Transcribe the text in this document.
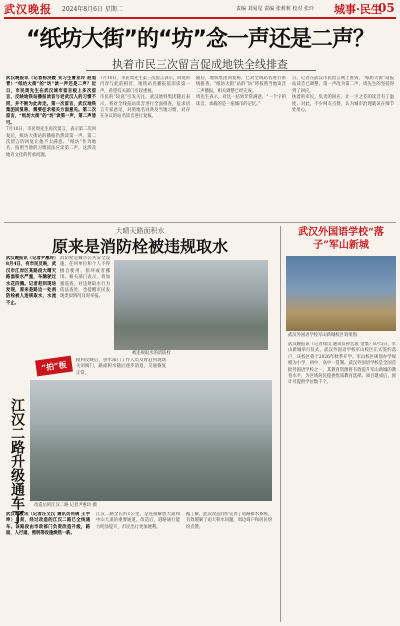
武汉晚报 2024年8月6日 星期二	责编 刘易星 责编 张莉莉 校对 张玲 城事·民生
05
“纸坊大街”的“坊”念一声还是二声？
执着市民三次留言促成地铁全线排查

武汉晚报讯（记者杨洪媛 实习生曹亚玲 赵旭青）“纸坊大街”的“坊”读一声还是二声？近日，市民周先生在武汉城市留言板上多次留言，反映地铁站播报读音与老武汉人的习惯不同，并不断为此奔走。第一次留言，武汉地铁集团回复称，需要征求相关方面意见。第二次留言，“纸坊大街”的“坊”读第一声，第二声皆可。

7月10日，市民周先生再次留言，表示第二次回复后，纸坊大街站的播报仍然读第一声。第二次留言的回复让他不太满意。“纸坊”作为地名，按照当地的习惯读法应读第二声，这涉及地名文化的传承问题。

7月10日，市民周先生第三次留言表示，回复的内容与此前相近，地铁站名播报依旧读第一声，希望有关部门引起重视。

市民的“较真”引发关注。武汉地铁集团随后表示，将对全线报站读音进行全面排查，征求语言专家意见，对照地名词典及当地习惯，对存在争议的站名读音进行复核。

随后，地铁集团回复称，已对全线站名进行系统排查，“纸坊大街”站的“坊”将按照当地读音二声播报，相关调整已经完成。

周先生表示，对这一结果非常满意，“一个字的读音，承载的是一座城市的记忆。”

日，记者在武汉市民留言网上看到，“纸坊大街”站报站读音已调整，第一声改为第二声，周先生的坚持得到了回应。

执着的市民，负责的回应，让一字之差的读音有了温度。对此，不少网友点赞，认为城市治理就该在细节处用心。

大晴天路面积水
原来是消防栓被违规取水

武汉晚报讯（记者尹惠玲）8月4日，有市民反映，武汉市江岸区某路段大晴天路面积水严重，车辆驶过水花四溅。记者赶到现场发现，原来是路边一处消防栓被人违规取水，水流不止。

消防栓是城市公共安全设施，任何单位和个人不得擅自使用、损坏或者挪用。相关部门表示，将加强巡查，对违规取水行为依法查处，也提醒市民发现类似情况及时举报。

被违规取水的消防栓

接到反映后，供水部门工作人员及时赶到现场关闭阀门，路面积水随后逐步消退，交通恢复正常。

“拍”板
江汉二路升级通车了 改造后的江汉二路 记者尹惠玲 摄

武汉晚报讯（记者汪文汉 通讯员何倩 王宇坤）日前，经过改造的江汉二路已全线通车。该路段由市政部门负责改造升级，路面、人行道、照明等设施焕然一新。

江汉二路全长约1公里，是连接解放大道和中山大道的重要通道。改造后，道路通行能力明显提升，市民出行更加便利。

据了解，此次改造同步完善了道路排水系统，有效缓解了雨天积水问题，周边商户和居民纷纷点赞。

武汉外国语学校“落子”军山新城
武汉外国语学校军山新城校区效果图

武汉晚报讯（记者徐汉 通讯员孙宏波 金墨）8月5日，军山新城举行仪式，武汉外国语学校军山校区正式签约落户，该校区将于2026年秋季开学。军山校区规划办学规模为小学、初中、高中一贯制。武汉外国语学校是全国首批外国语学校之一，其教育资源将有效提升军山新城的教育水平，为区域居民提供优质教育选择。项目建成后，预计可提供学位数千个。
